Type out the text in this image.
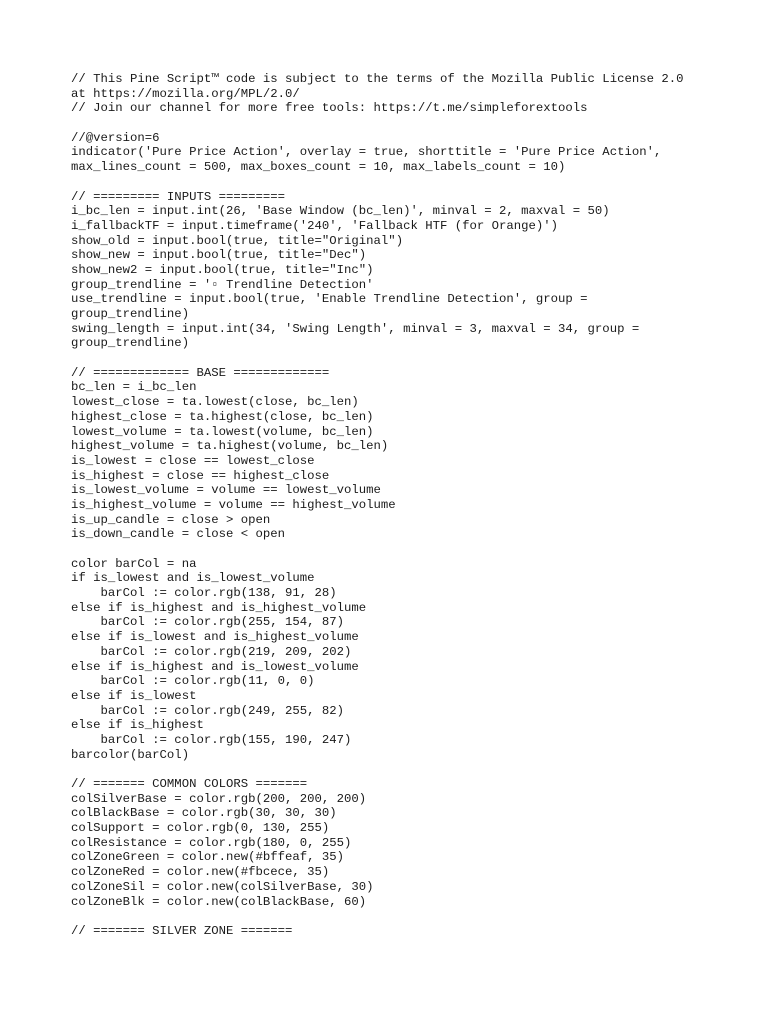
// This Pine Script™ code is subject to the terms of the Mozilla Public License 2.0
at https://mozilla.org/MPL/2.0/
// Join our channel for more free tools: https://t.me/simpleforextools
//@version=6
indicator('Pure Price Action', overlay = true, shorttitle = 'Pure Price Action',
max_lines_count = 500, max_boxes_count = 10, max_labels_count = 10)
// ========= INPUTS =========
i_bc_len = input.int(26, 'Base Window (bc_len)', minval = 2, maxval = 50)
i_fallbackTF = input.timeframe('240', 'Fallback HTF (for Orange)')
show_old = input.bool(true, title="Original")
show_new = input.bool(true, title="Dec")
show_new2 = input.bool(true, title="Inc")
group_trendline = '▫ Trendline Detection'
use_trendline = input.bool(true, 'Enable Trendline Detection', group =
group_trendline)
swing_length = input.int(34, 'Swing Length', minval = 3, maxval = 34, group =
group_trendline)
// ============= BASE =============
bc_len = i_bc_len
lowest_close = ta.lowest(close, bc_len)
highest_close = ta.highest(close, bc_len)
lowest_volume = ta.lowest(volume, bc_len)
highest_volume = ta.highest(volume, bc_len)
is_lowest = close == lowest_close
is_highest = close == highest_close
is_lowest_volume = volume == lowest_volume
is_highest_volume = volume == highest_volume
is_up_candle = close > open
is_down_candle = close < open
color barCol = na
if is_lowest and is_lowest_volume
barCol := color.rgb(138, 91, 28)
else if is_highest and is_highest_volume
barCol := color.rgb(255, 154, 87)
else if is_lowest and is_highest_volume
barCol := color.rgb(219, 209, 202)
else if is_highest and is_lowest_volume
barCol := color.rgb(11, 0, 0)
else if is_lowest
barCol := color.rgb(249, 255, 82)
else if is_highest
barCol := color.rgb(155, 190, 247)
barcolor(barCol)
// ======= COMMON COLORS =======
colSilverBase = color.rgb(200, 200, 200)
colBlackBase = color.rgb(30, 30, 30)
colSupport = color.rgb(0, 130, 255)
colResistance = color.rgb(180, 0, 255)
colZoneGreen = color.new(#bffeaf, 35)
colZoneRed = color.new(#fbcece, 35)
colZoneSil = color.new(colSilverBase, 30)
colZoneBlk = color.new(colBlackBase, 60)
// ======= SILVER ZONE =======
